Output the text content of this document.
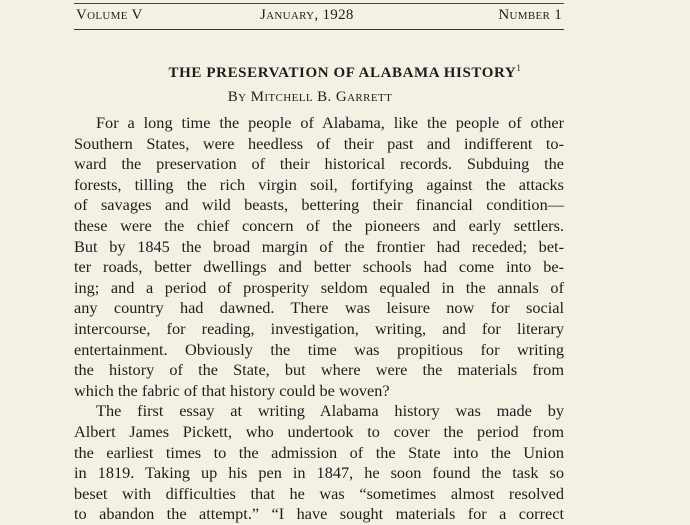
Volume V	January, 1928	Number 1
THE PRESERVATION OF ALABAMA HISTORY$^1$
By Mitchell B. Garrett
For a long time the people of Alabama, like the people of other
Southern States, were heedless of their past and indifferent to-
ward the preservation of their historical records. Subduing the
forests, tilling the rich virgin soil, fortifying against the attacks
of savages and wild beasts, bettering their financial condition—
these were the chief concern of the pioneers and early settlers.
But by 1845 the broad margin of the frontier had receded; bet-
ter roads, better dwellings and better schools had come into be-
ing; and a period of prosperity seldom equaled in the annals of
any country had dawned. There was leisure now for social
intercourse, for reading, investigation, writing, and for literary
entertainment. Obviously the time was propitious for writing
the history of the State, but where were the materials from
which the fabric of that history could be woven?
The first essay at writing Alabama history was made by
Albert James Pickett, who undertook to cover the period from
the earliest times to the admission of the State into the Union
in 1819. Taking up his pen in 1847, he soon found the task so
beset with difficulties that he was “sometimes almost resolved
to abandon the attempt.” “I have sought materials for a correct
